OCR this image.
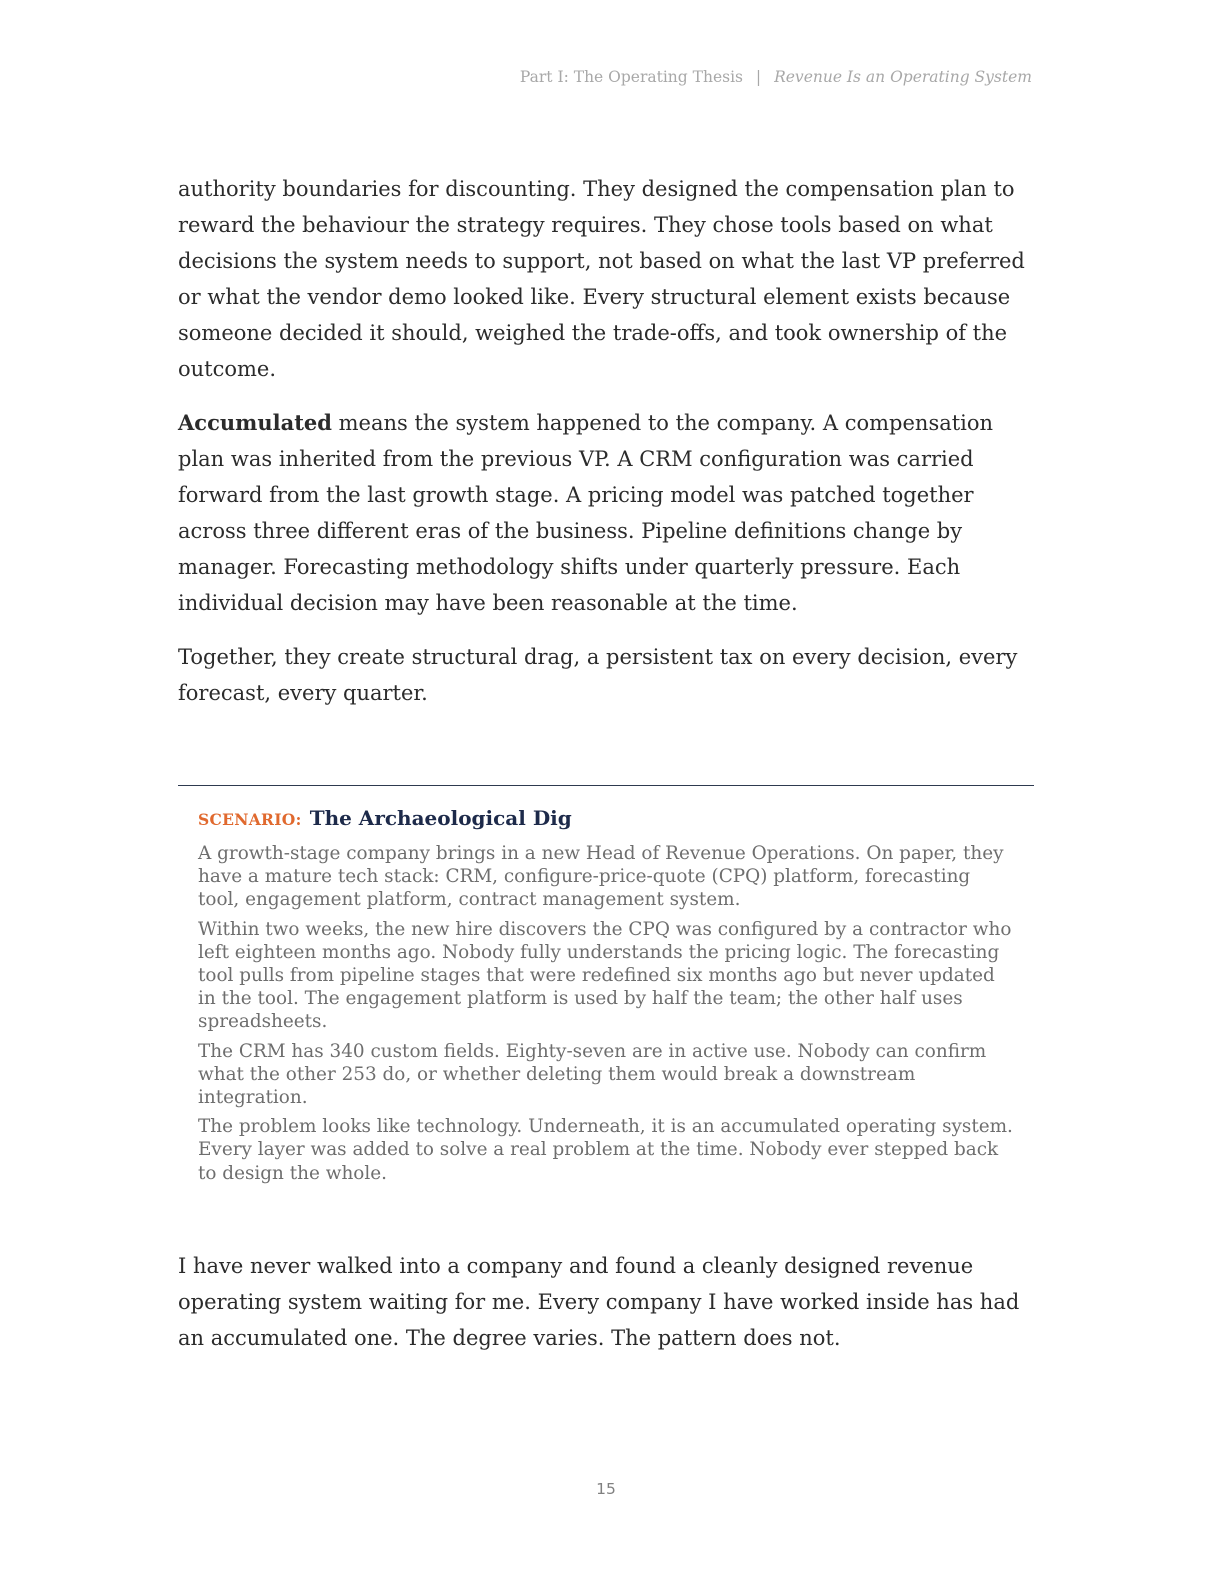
Part I: The Operating Thesis | Revenue Is an Operating System

authority boundaries for discounting. They designed the compensation plan to reward the behaviour the strategy requires. They chose tools based on what decisions the system needs to support, not based on what the last VP preferred or what the vendor demo looked like. Every structural element exists because someone decided it should, weighed the trade-offs, and took ownership of the outcome.

Accumulated means the system happened to the company. A compensation plan was inherited from the previous VP. A CRM configuration was carried forward from the last growth stage. A pricing model was patched together across three different eras of the business. Pipeline definitions change by manager. Forecasting methodology shifts under quarterly pressure. Each individual decision may have been reasonable at the time.

Together, they create structural drag, a persistent tax on every decision, every forecast, every quarter.

SCENARIO: The Archaeological Dig

A growth-stage company brings in a new Head of Revenue Operations. On paper, they have a mature tech stack: CRM, configure-price-quote (CPQ) platform, forecasting tool, engagement platform, contract management system.

Within two weeks, the new hire discovers the CPQ was configured by a contractor who left eighteen months ago. Nobody fully understands the pricing logic. The forecasting tool pulls from pipeline stages that were redefined six months ago but never updated in the tool. The engagement platform is used by half the team; the other half uses spreadsheets.

The CRM has 340 custom fields. Eighty-seven are in active use. Nobody can confirm what the other 253 do, or whether deleting them would break a downstream integration.

The problem looks like technology. Underneath, it is an accumulated operating system. Every layer was added to solve a real problem at the time. Nobody ever stepped back to design the whole.

I have never walked into a company and found a cleanly designed revenue operating system waiting for me. Every company I have worked inside has had an accumulated one. The degree varies. The pattern does not.

15
